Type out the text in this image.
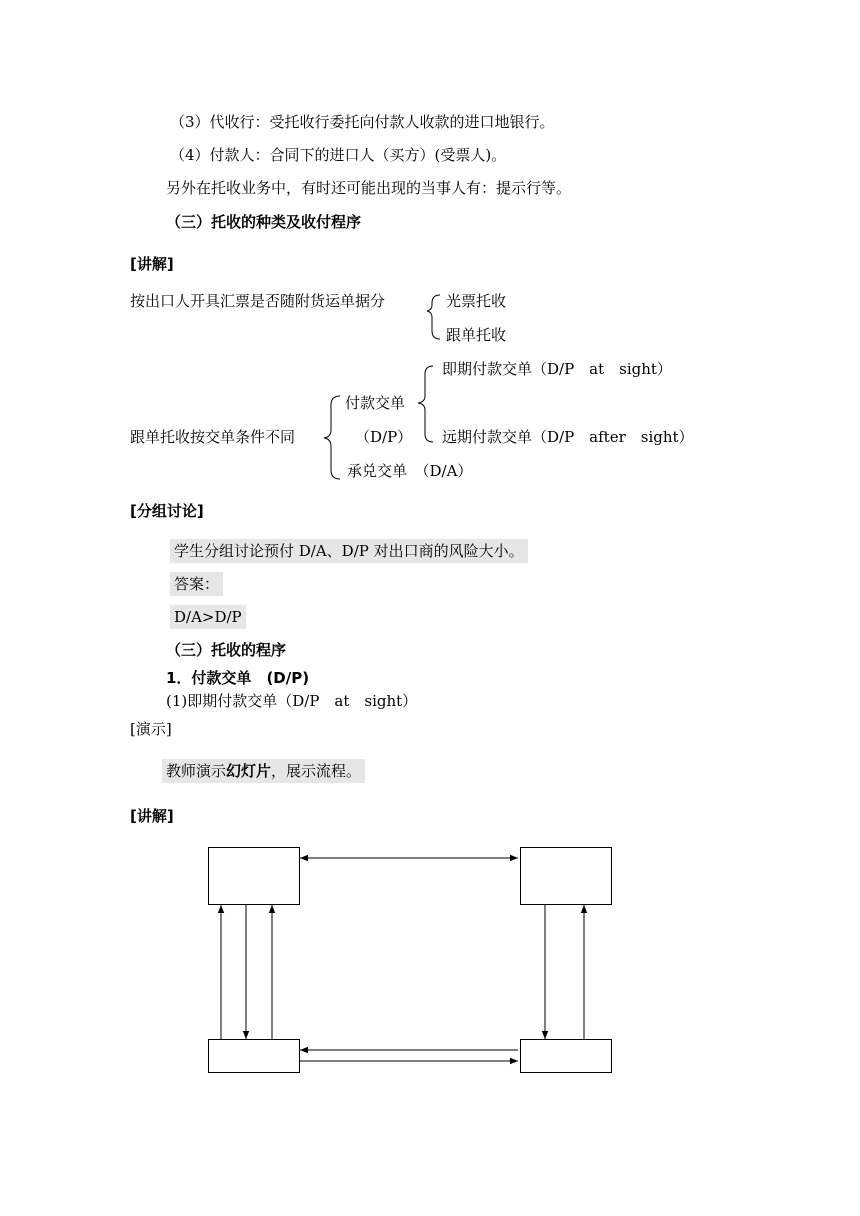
（3）代收行：受托收行委托向付款人收款的进口地银行。
（4）付款人：合同下的进口人（买方）(受票人)。
另外在托收业务中，有时还可能出现的当事人有：提示行等。
（三）托收的种类及收付程序
[讲解]
按出口人开具汇票是否随附货运单据分	光票托收
跟单托收
跟单托收按交单条件不同
付款交单
（D/P）
即期付款交单（D/P　at　sight）
远期付款交单（D/P　after　sight）
承兑交单　（D/A）
[分组讨论]
学生分组讨论预付 D/A、D/P 对出口商的风险大小。
答案：
D/A>D/P
（三）托收的程序
1．付款交单　(D/P)
(1)即期付款交单（D/P　at　sight）
[演示]
教师演示幻灯片，展示流程。
[讲解]
